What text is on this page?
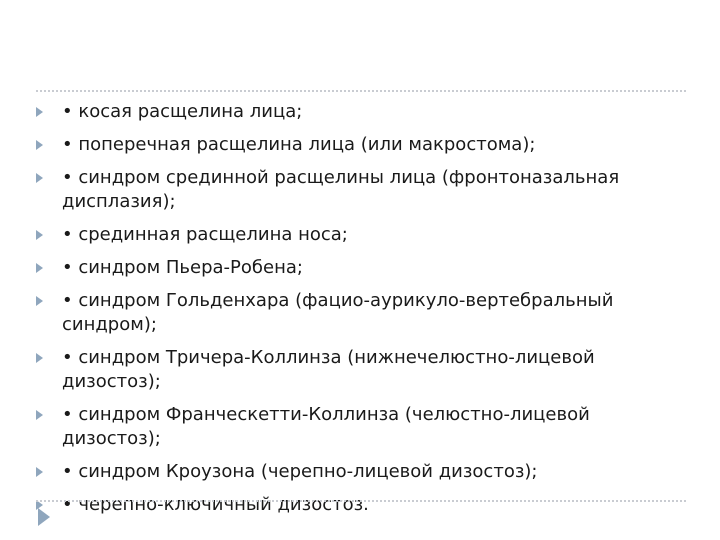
• косая расщелина лица;
• поперечная расщелина лица (или макростома);
• синдром срединной расщелины лица (фронтоназальная дисплазия);
• срединная расщелина носа;
• синдром Пьера-Робена;
• синдром Гольденхара (фацио-аурикуло-вертебральный синдром);
• синдром Тричера-Коллинза (нижнечелюстно-лицевой дизостоз);
• синдром Франческетти-Коллинза (челюстно-лицевой дизостоз);
• синдром Кроузона (черепно-лицевой дизостоз);
• черепно-ключичный дизостоз.
